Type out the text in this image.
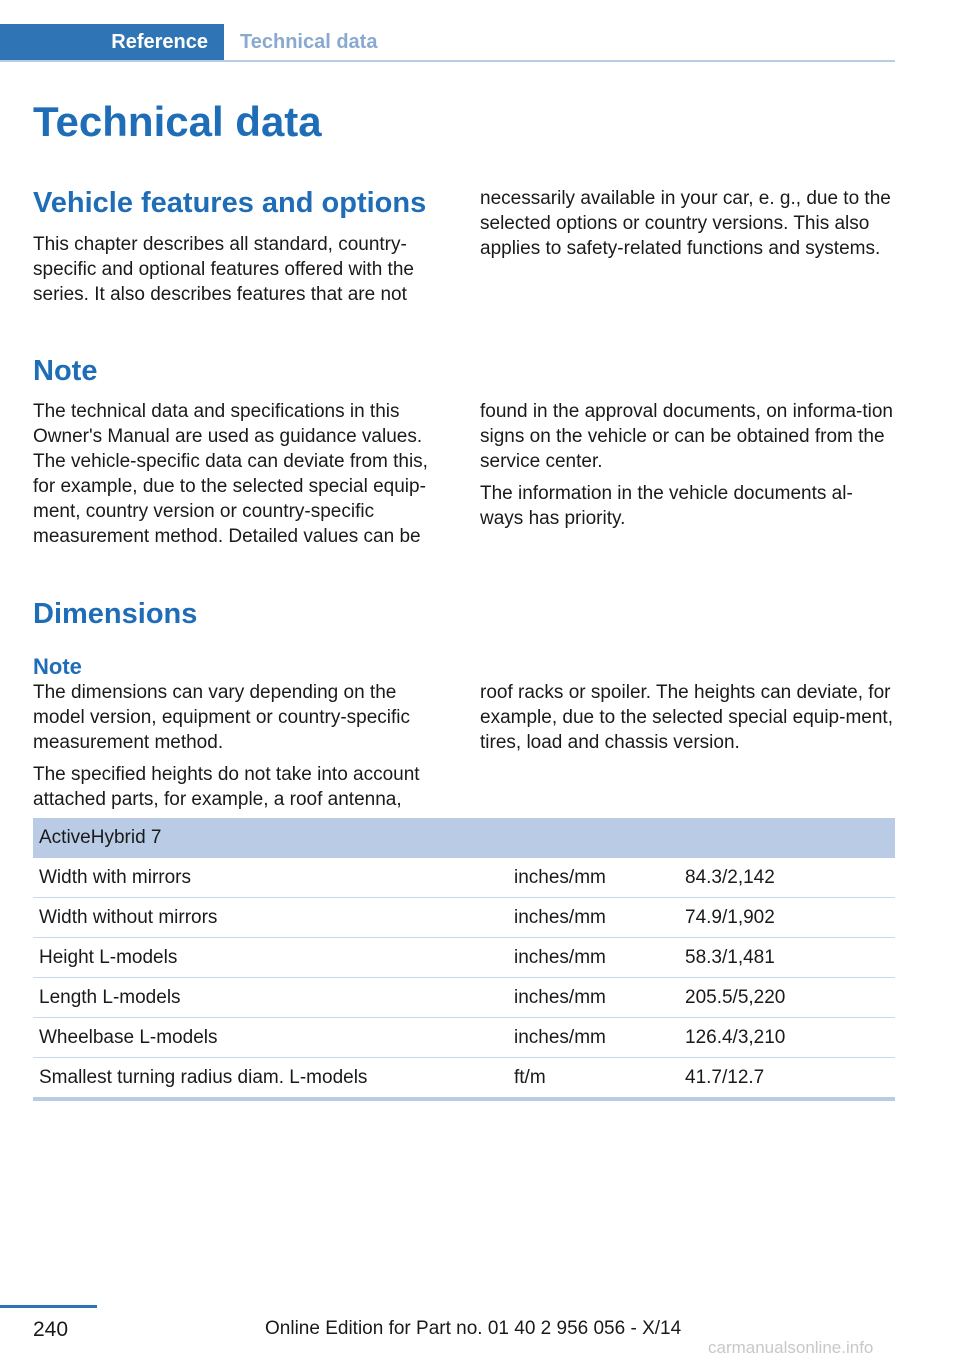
Reference	Technical data
Technical data
Vehicle features and options

This chapter describes all standard, country-specific and optional features offered with the series. It also describes features that are not

necessarily available in your car, e. g., due to the selected options or country versions. This also applies to safety-related functions and systems.

Note

The technical data and specifications in this Owner's Manual are used as guidance values. The vehicle-specific data can deviate from this, for example, due to the selected special equip-ment, country version or country-specific measurement method. Detailed values can be

found in the approval documents, on informa-tion signs on the vehicle or can be obtained from the service center.

The information in the vehicle documents al-ways has priority.

Dimensions
Note

The dimensions can vary depending on the model version, equipment or country-specific measurement method.

The specified heights do not take into account attached parts, for example, a roof antenna,

roof racks or spoiler. The heights can deviate, for example, due to the selected special equip-ment, tires, load and chassis version.

ActiveHybrid 7		
Width with mirrors	inches/mm	84.3/2,142
Width without mirrors	inches/mm	74.9/1,902
Height L-models	inches/mm	58.3/1,481
Length L-models	inches/mm	205.5/5,220
Wheelbase L-models	inches/mm	126.4/3,210
Smallest turning radius diam. L-models	ft/m	41.7/12.7
240	Online Edition for Part no. 01 40 2 956 056 - X/14
carmanualsonline.info
